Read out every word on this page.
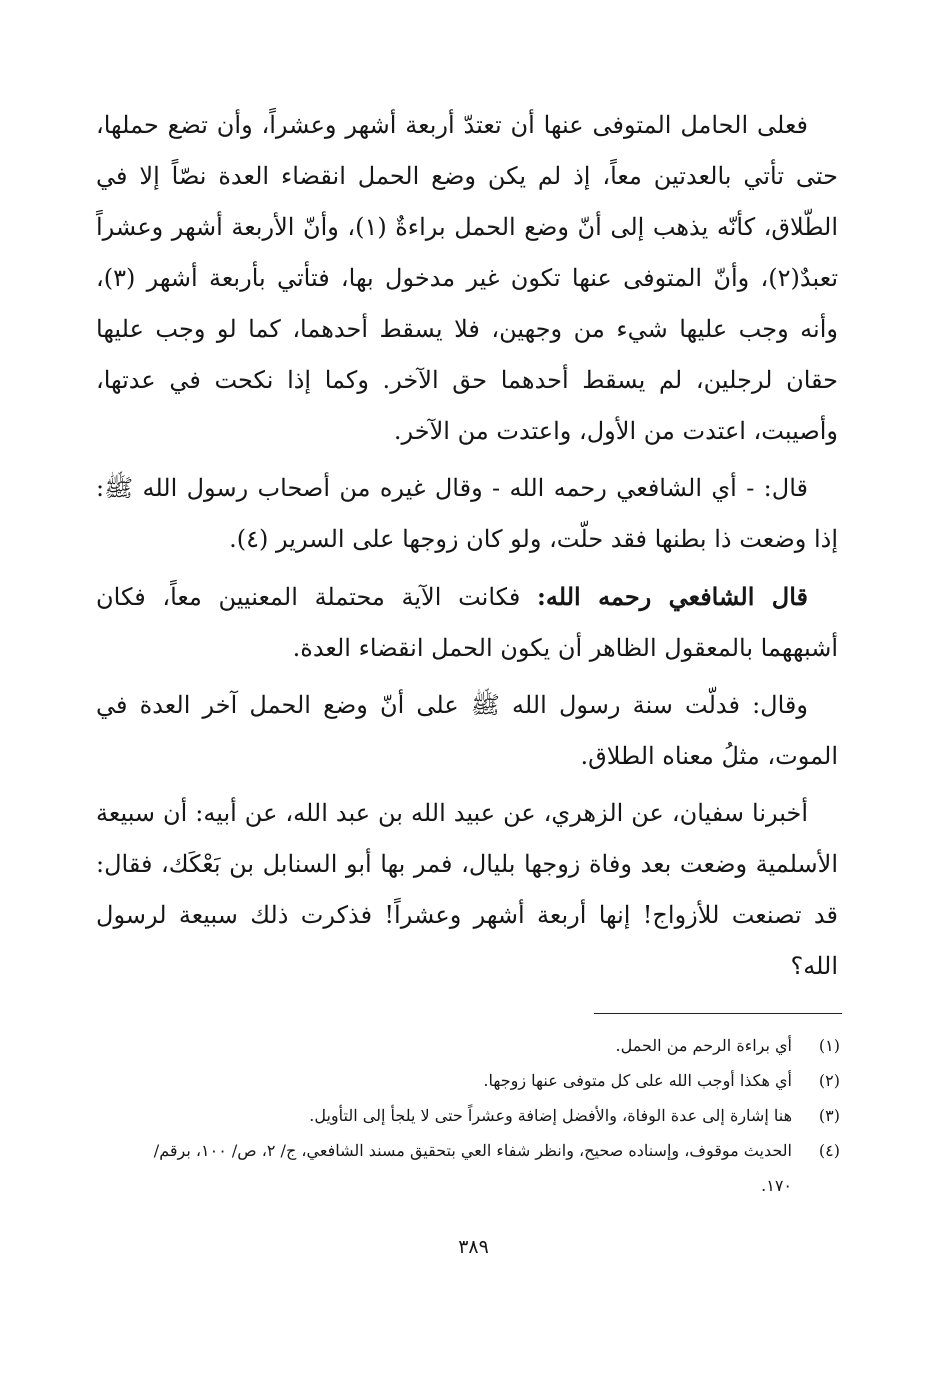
فعلى الحامل المتوفى عنها أن تعتدّ أربعة أشهر وعشراً، وأن تضع حملها، حتى تأتي بالعدتين معاً، إذ لم يكن وضع الحمل انقضاء العدة نصّاً إلا في الطّلاق، كأنّه يذهب إلى أنّ وضع الحمل براءةٌ (١)، وأنّ الأربعة أشهر وعشراً تعبدٌ(٢)، وأنّ المتوفى عنها تكون غير مدخول بها، فتأتي بأربعة أشهر (٣)، وأنه وجب عليها شيء من وجهين، فلا يسقط أحدهما، كما لو وجب عليها حقان لرجلين، لم يسقط أحدهما حق الآخر. وكما إذا نكحت في عدتها، وأصيبت، اعتدت من الأول، واعتدت من الآخر.

قال: - أي الشافعي رحمه الله - وقال غيره من أصحاب رسول الله ﷺ: إذا وضعت ذا بطنها فقد حلّت، ولو كان زوجها على السرير (٤).

قال الشافعي رحمه الله: فكانت الآية محتملة المعنيين معاً، فكان أشبههما بالمعقول الظاهر أن يكون الحمل انقضاء العدة.

وقال: فدلّت سنة رسول الله ﷺ على أنّ وضع الحمل آخر العدة في الموت، مثلُ معناه الطلاق.

أخبرنا سفيان، عن الزهري، عن عبيد الله بن عبد الله، عن أبيه: أن سبيعة الأسلمية وضعت بعد وفاة زوجها بليال، فمر بها أبو السنابل بن بَعْكَك، فقال: قد تصنعت للأزواج! إنها أربعة أشهر وعشراً! فذكرت ذلك سبيعة لرسول الله؟

(١)
أي براءة الرحم من الحمل.
(٢)
أي هكذا أوجب الله على كل متوفى عنها زوجها.
(٣)
هنا إشارة إلى عدة الوفاة، والأفضل إضافة وعشراً حتى لا يلجأ إلى التأويل.
(٤)
الحديث موقوف، وإسناده صحيح، وانظر شفاء العي بتحقيق مسند الشافعي، ج/ ٢، ص/ ١٠٠، برقم/ ١٧٠.
٣٨٩
